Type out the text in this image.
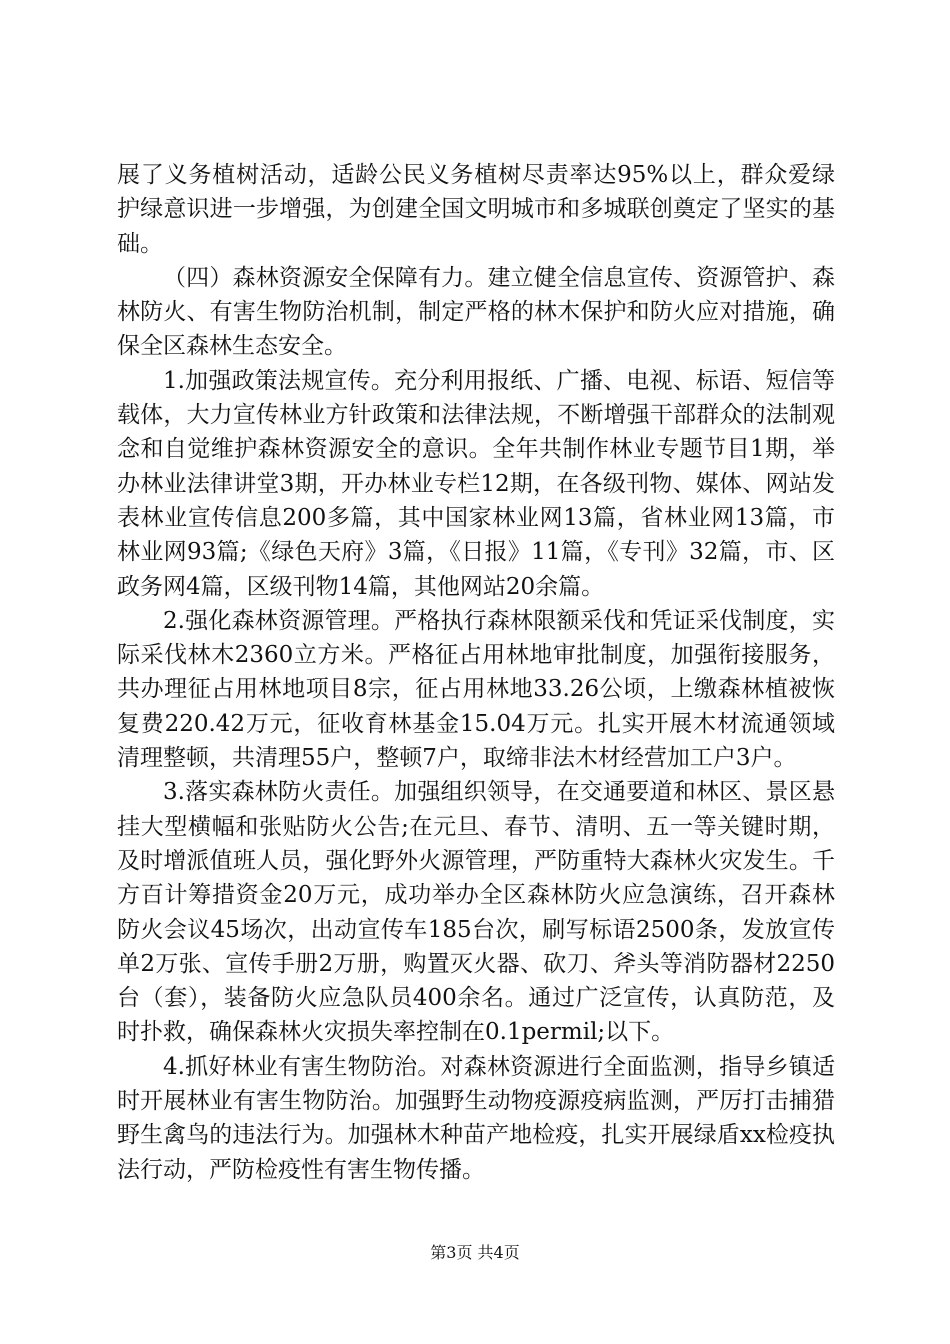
展了义务植树活动，适龄公民义务植树尽责率达95%以上，群众爱绿护绿意识进一步增强，为创建全国文明城市和多城联创奠定了坚实的基础。

（四）森林资源安全保障有力。建立健全信息宣传、资源管护、森林防火、有害生物防治机制，制定严格的林木保护和防火应对措施，确保全区森林生态安全。

1.加强政策法规宣传。充分利用报纸、广播、电视、标语、短信等载体，大力宣传林业方针政策和法律法规，不断增强干部群众的法制观念和自觉维护森林资源安全的意识。全年共制作林业专题节目1期，举办林业法律讲堂3期，开办林业专栏12期，在各级刊物、媒体、网站发表林业宣传信息200多篇，其中国家林业网13篇，省林业网13篇，市林业网93篇;《绿色天府》3篇，《日报》11篇，《专刊》32篇，市、区政务网4篇，区级刊物14篇，其他网站20余篇。

2.强化森林资源管理。严格执行森林限额采伐和凭证采伐制度，实际采伐林木2360立方米。严格征占用林地审批制度，加强衔接服务，共办理征占用林地项目8宗，征占用林地33.26公顷，上缴森林植被恢复费220.42万元，征收育林基金15.04万元。扎实开展木材流通领域清理整顿，共清理55户，整顿7户，取缔非法木材经营加工户3户。

3.落实森林防火责任。加强组织领导，在交通要道和林区、景区悬挂大型横幅和张贴防火公告;在元旦、春节、清明、五一等关键时期，及时增派值班人员，强化野外火源管理，严防重特大森林火灾发生。千方百计筹措资金20万元，成功举办全区森林防火应急演练，召开森林防火会议45场次，出动宣传车185台次，刷写标语2500条，发放宣传单2万张、宣传手册2万册，购置灭火器、砍刀、斧头等消防器材2250台（套），装备防火应急队员400余名。通过广泛宣传，认真防范，及时扑救，确保森林火灾损失率控制在0.1permil;以下。

4.抓好林业有害生物防治。对森林资源进行全面监测，指导乡镇适时开展林业有害生物防治。加强野生动物疫源疫病监测，严厉打击捕猎野生禽鸟的违法行为。加强林木种苗产地检疫，扎实开展绿盾xx检疫执法行动，严防检疫性有害生物传播。

第3页 共4页
